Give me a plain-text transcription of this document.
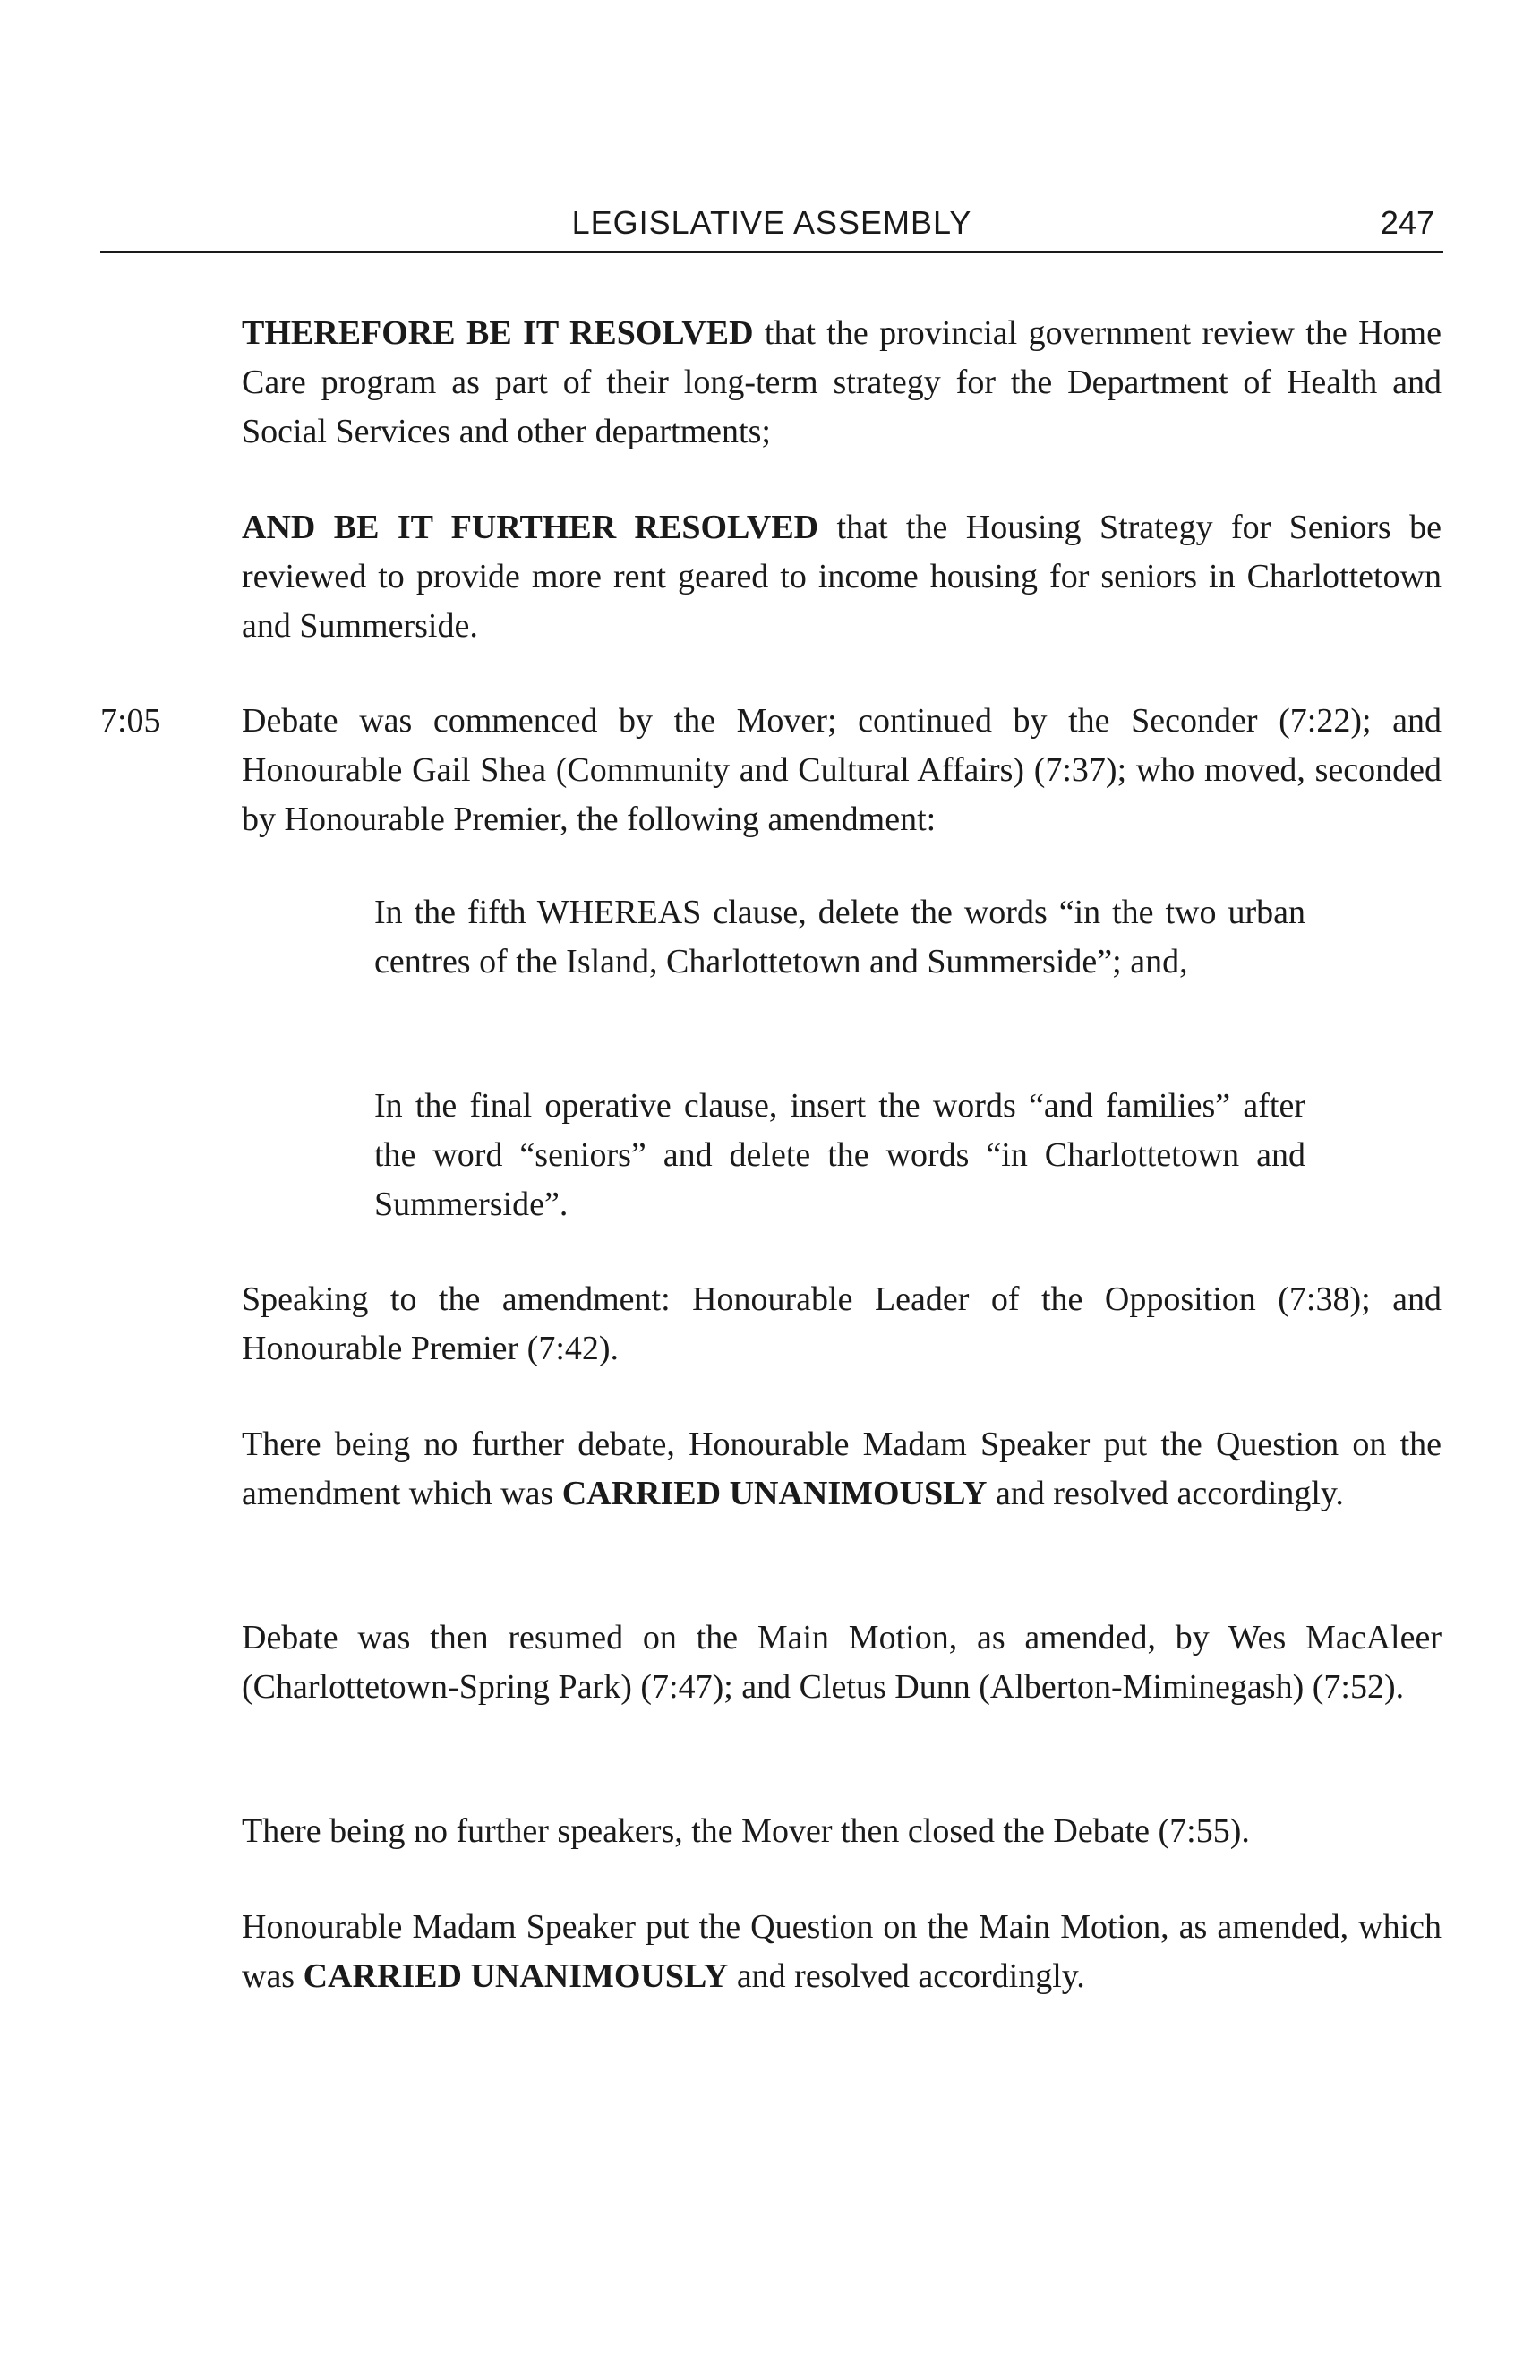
LEGISLATIVE ASSEMBLY	247

THEREFORE BE IT RESOLVED that the provincial government review the Home Care program as part of their long-term strategy for the Department of Health and Social Services and other departments;

AND BE IT FURTHER RESOLVED that the Housing Strategy for Seniors be reviewed to provide more rent geared to income housing for seniors in Charlottetown and Summerside.

7:05 Debate was commenced by the Mover; continued by the Seconder (7:22); and Honourable Gail Shea (Community and Cultural Affairs) (7:37); who moved, seconded by Honourable Premier, the following amendment:

In the fifth WHEREAS clause, delete the words “in the two urban centres of the Island, Charlottetown and Summerside”; and,

In the final operative clause, insert the words “and families” after the word “seniors” and delete the words “in Charlottetown and Summerside”.

Speaking to the amendment: Honourable Leader of the Opposition (7:38); and Honourable Premier (7:42).

There being no further debate, Honourable Madam Speaker put the Question on the amendment which was CARRIED UNANIMOUSLY and resolved accordingly.

Debate was then resumed on the Main Motion, as amended, by Wes MacAleer (Charlottetown-Spring Park) (7:47); and Cletus Dunn (Alberton-Miminegash) (7:52).

There being no further speakers, the Mover then closed the Debate (7:55).

Honourable Madam Speaker put the Question on the Main Motion, as amended, which was CARRIED UNANIMOUSLY and resolved accordingly.
